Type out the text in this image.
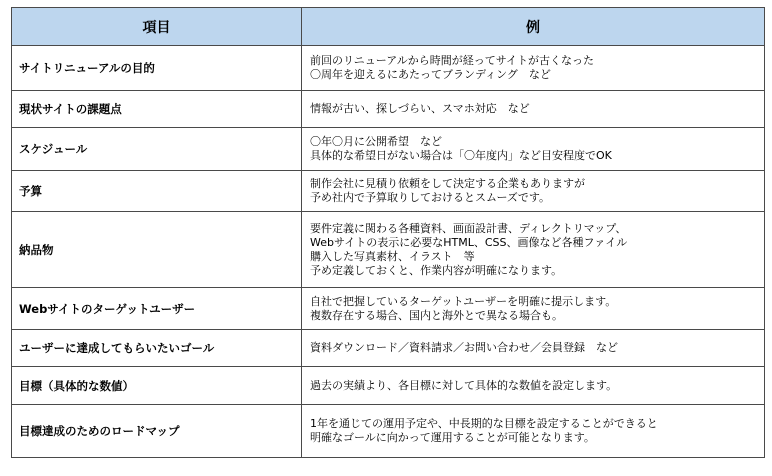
項目	例
サイトリニューアルの目的	前回のリニューアルから時間が経ってサイトが古くなった
〇周年を迎えるにあたってブランディング　など

現状サイトの課題点	情報が古い、探しづらい、スマホ対応　など

スケジュール	〇年〇月に公開希望　など
具体的な希望日がない場合は「〇年度内」など目安程度でOK

予算	制作会社に見積り依頼をして決定する企業もありますが
予め社内で予算取りしておけるとスムーズです。

納品物	要件定義に関わる各種資料、画面設計書、ディレクトリマップ、
Webサイトの表示に必要なHTML、CSS、画像など各種ファイル
購入した写真素材、イラスト　等
予め定義しておくと、作業内容が明確になります。

Webサイトのターゲットユーザー	自社で把握しているターゲットユーザーを明確に提示します。
複数存在する場合、国内と海外とで異なる場合も。

ユーザーに達成してもらいたいゴール	資料ダウンロード／資料請求／お問い合わせ／会員登録　など

目標（具体的な数値）	過去の実績より、各目標に対して具体的な数値を設定します。

目標達成のためのロードマップ	1年を通じての運用予定や、中長期的な目標を設定することができると
明確なゴールに向かって運用することが可能となります。
